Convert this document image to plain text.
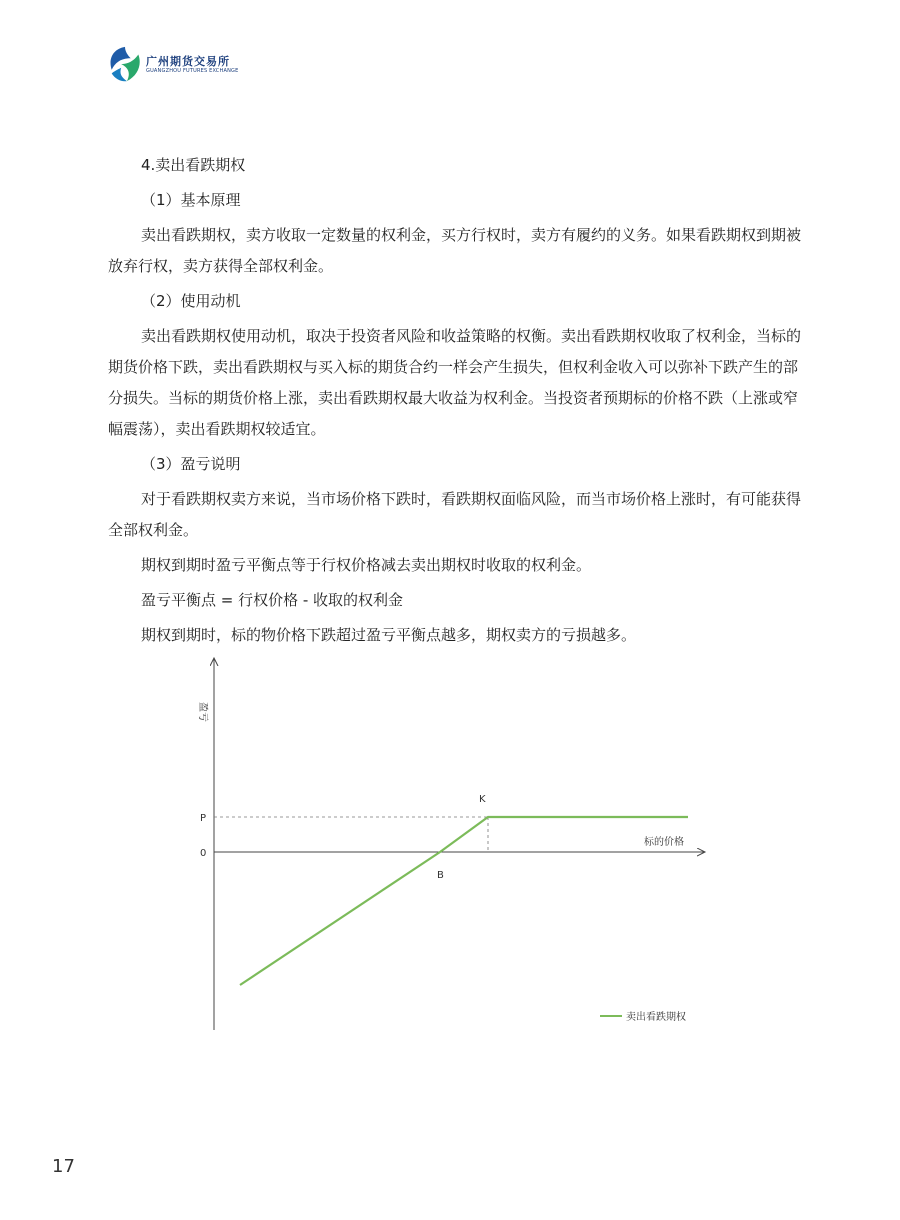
广州期货交易所
GUANGZHOU FUTURES EXCHANGE

4.卖出看跌期权

（1）基本原理

卖出看跌期权，卖方收取一定数量的权利金，买方行权时，卖方有履约的义务。如果看跌期权到期被放弃行权，卖方获得全部权利金。

（2）使用动机

卖出看跌期权使用动机，取决于投资者风险和收益策略的权衡。卖出看跌期权收取了权利金，当标的期货价格下跌，卖出看跌期权与买入标的期货合约一样会产生损失，但权利金收入可以弥补下跌产生的部分损失。当标的期货价格上涨，卖出看跌期权最大收益为权利金。当投资者预期标的价格不跌（上涨或窄幅震荡），卖出看跌期权较适宜。

（3）盈亏说明

对于看跌期权卖方来说，当市场价格下跌时，看跌期权面临风险，而当市场价格上涨时，有可能获得全部权利金。

期权到期时盈亏平衡点等于行权价格减去卖出期权时收取的权利金。

盈亏平衡点 = 行权价格 - 收取的权利金

期权到期时，标的物价格下跌超过盈亏平衡点越多，期权卖方的亏损越多。

盈亏
标的价格
P
0
K
B
卖出看跌期权
17
